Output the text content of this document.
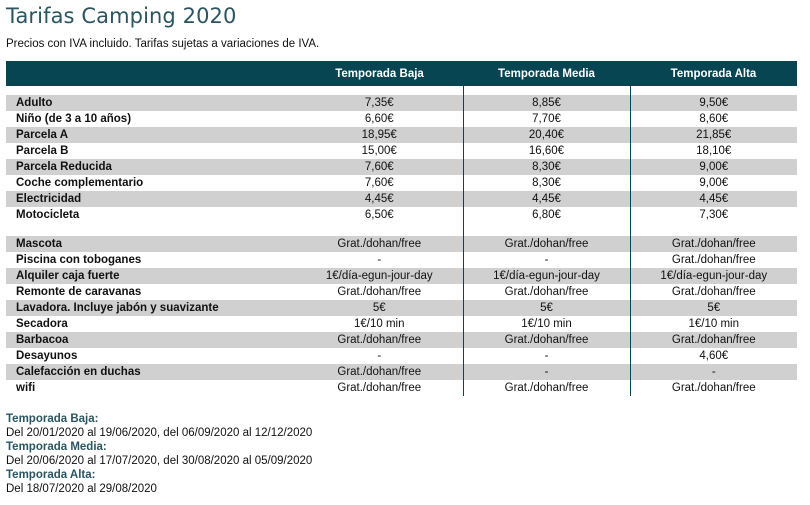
Tarifas Camping 2020
Precios con IVA incluido. Tarifas sujetas a variaciones de IVA.
	Temporada Baja	Temporada Media	Temporada Alta

Adulto	7,35€	8,85€	9,50€
Niño (de 3 a 10 años)	6,60€	7,70€	8,60€
Parcela A	18,95€	20,40€	21,85€
Parcela B	15,00€	16,60€	18,10€
Parcela Reducida	7,60€	8,30€	9,00€
Coche complementario	7,60€	8,30€	9,00€
Electricidad	4,45€	4,45€	4,45€
Motocicleta	6,50€	6,80€	7,30€

Mascota	Grat./dohan/free	Grat./dohan/free	Grat./dohan/free
Piscina con toboganes	-	-	Grat./dohan/free
Alquiler caja fuerte	1€/día-egun-jour-day	1€/día-egun-jour-day	1€/día-egun-jour-day
Remonte de caravanas	Grat./dohan/free	Grat./dohan/free	Grat./dohan/free
Lavadora. Incluye jabón y suavizante	5€	5€	5€
Secadora	1€/10 min	1€/10 min	1€/10 min
Barbacoa	Grat./dohan/free	Grat./dohan/free	Grat./dohan/free
Desayunos	-	-	4,60€
Calefacción en duchas	Grat./dohan/free	-	-
wifi	Grat./dohan/free	Grat./dohan/free	Grat./dohan/free
Temporada Baja:
Del 20/01/2020 al 19/06/2020, del 06/09/2020 al 12/12/2020
Temporada Media:
Del 20/06/2020 al 17/07/2020, del 30/08/2020 al 05/09/2020
Temporada Alta:
Del 18/07/2020 al 29/08/2020
